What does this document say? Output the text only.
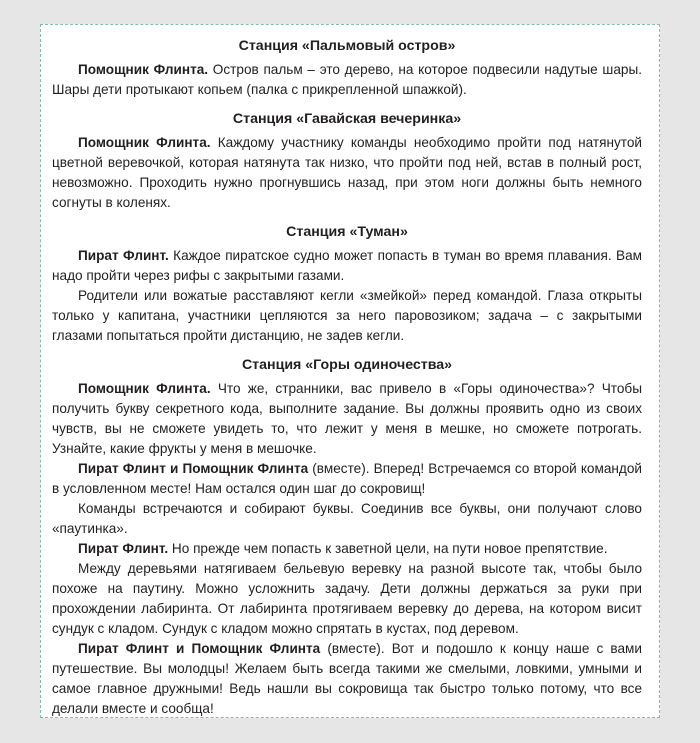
Станция «Пальмовый остров»

Помощник Флинта. Остров пальм – это дерево, на которое подвесили надутые шары. Шары дети протыкают копьем (палка с прикрепленной шпажкой).

Станция «Гавайская вечеринка»

Помощник Флинта. Каждому участнику команды необходимо пройти под натянутой цветной веревочкой, которая натянута так низко, что пройти под ней, встав в полный рост, невозможно. Проходить нужно прогнувшись назад, при этом ноги должны быть немного согнуты в коленях.

Станция «Туман»

Пират Флинт. Каждое пиратское судно может попасть в туман во время плавания. Вам надо пройти через рифы с закрытыми газами.

Родители или вожатые расставляют кегли «змейкой» перед командой. Глаза открыты только у капитана, участники цепляются за него паровозиком; задача – с закрытыми глазами попытаться пройти дистанцию, не задев кегли.

Станция «Горы одиночества»

Помощник Флинта. Что же, странники, вас привело в «Горы одиночества»? Чтобы получить букву секретного кода, выполните задание. Вы должны проявить одно из своих чувств, вы не сможете увидеть то, что лежит у меня в мешке, но сможете потрогать. Узнайте, какие фрукты у меня в мешочке.

Пират Флинт и Помощник Флинта (вместе). Вперед! Встречаемся со второй командой в условленном месте! Нам остался один шаг до сокровищ!

Команды встречаются и собирают буквы. Соединив все буквы, они получают слово «паутинка».

Пират Флинт. Но прежде чем попасть к заветной цели, на пути новое препятствие.

Между деревьями натягиваем бельевую веревку на разной высоте так, чтобы было похоже на паутину. Можно усложнить задачу. Дети должны держаться за руки при прохождении лабиринта. От лабиринта протягиваем веревку до дерева, на котором висит сундук с кладом. Сундук с кладом можно спрятать в кустах, под деревом.

Пират Флинт и Помощник Флинта (вместе). Вот и подошло к концу наше с вами путешествие. Вы молодцы! Желаем быть всегда такими же смелыми, ловкими, умными и самое главное дружными! Ведь нашли вы сокровища так быстро только потому, что все делали вместе и сообща!
